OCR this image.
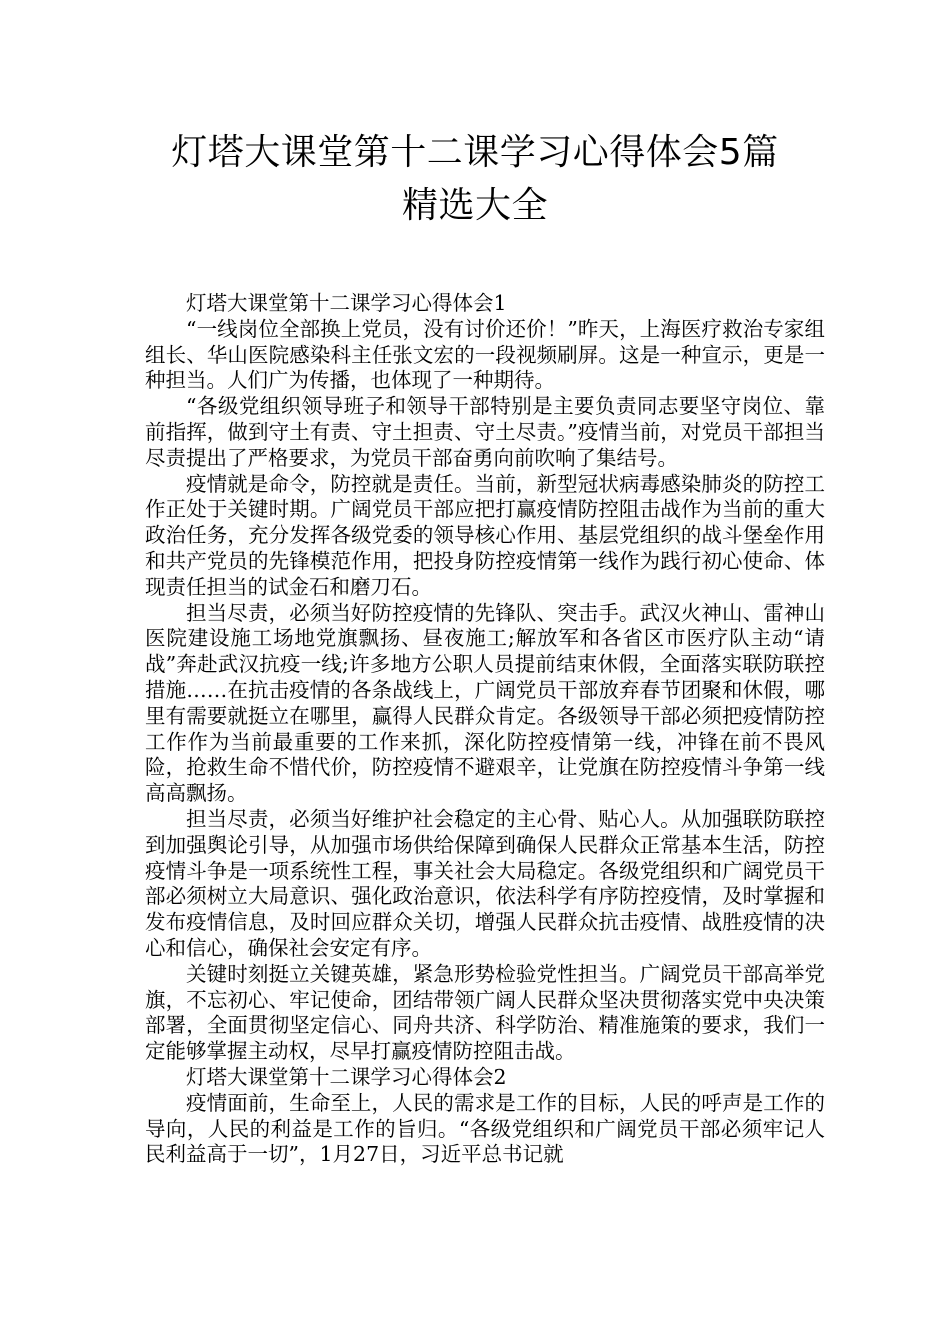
灯塔大课堂第十二课学习心得体会5篇
精选大全

灯塔大课堂第十二课学习心得体会1

“一线岗位全部换上党员，没有讨价还价！”昨天，上海医疗救治专家组组长、华山医院感染科主任张文宏的一段视频刷屏。这是一种宣示，更是一种担当。人们广为传播，也体现了一种期待。

“各级党组织领导班子和领导干部特别是主要负责同志要坚守岗位、靠前指挥，做到守土有责、守土担责、守土尽责。”疫情当前，对党员干部担当尽责提出了严格要求，为党员干部奋勇向前吹响了集结号。

疫情就是命令，防控就是责任。当前，新型冠状病毒感染肺炎的防控工作正处于关键时期。广阔党员干部应把打赢疫情防控阻击战作为当前的重大政治任务，充分发挥各级党委的领导核心作用、基层党组织的战斗堡垒作用和共产党员的先锋模范作用，把投身防控疫情第一线作为践行初心使命、体现责任担当的试金石和磨刀石。

担当尽责，必须当好防控疫情的先锋队、突击手。武汉火神山、雷神山医院建设施工场地党旗飘扬、昼夜施工;解放军和各省区市医疗队主动“请战”奔赴武汉抗疫一线;许多地方公职人员提前结束休假，全面落实联防联控措施……在抗击疫情的各条战线上，广阔党员干部放弃春节团聚和休假，哪里有需要就挺立在哪里，赢得人民群众肯定。各级领导干部必须把疫情防控工作作为当前最重要的工作来抓，深化防控疫情第一线，冲锋在前不畏风险，抢救生命不惜代价，防控疫情不避艰辛，让党旗在防控疫情斗争第一线高高飘扬。

担当尽责，必须当好维护社会稳定的主心骨、贴心人。从加强联防联控到加强舆论引导，从加强市场供给保障到确保人民群众正常基本生活，防控疫情斗争是一项系统性工程，事关社会大局稳定。各级党组织和广阔党员干部必须树立大局意识、强化政治意识，依法科学有序防控疫情，及时掌握和发布疫情信息，及时回应群众关切，增强人民群众抗击疫情、战胜疫情的决心和信心，确保社会安定有序。

关键时刻挺立关键英雄，紧急形势检验党性担当。广阔党员干部高举党旗，不忘初心、牢记使命，团结带领广阔人民群众坚决贯彻落实党中央决策部署，全面贯彻坚定信心、同舟共济、科学防治、精准施策的要求，我们一定能够掌握主动权，尽早打赢疫情防控阻击战。

灯塔大课堂第十二课学习心得体会2

疫情面前，生命至上，人民的需求是工作的目标，人民的呼声是工作的导向，人民的利益是工作的旨归。“各级党组织和广阔党员干部必须牢记人民利益高于一切”，1月27日，习近平总书记就
